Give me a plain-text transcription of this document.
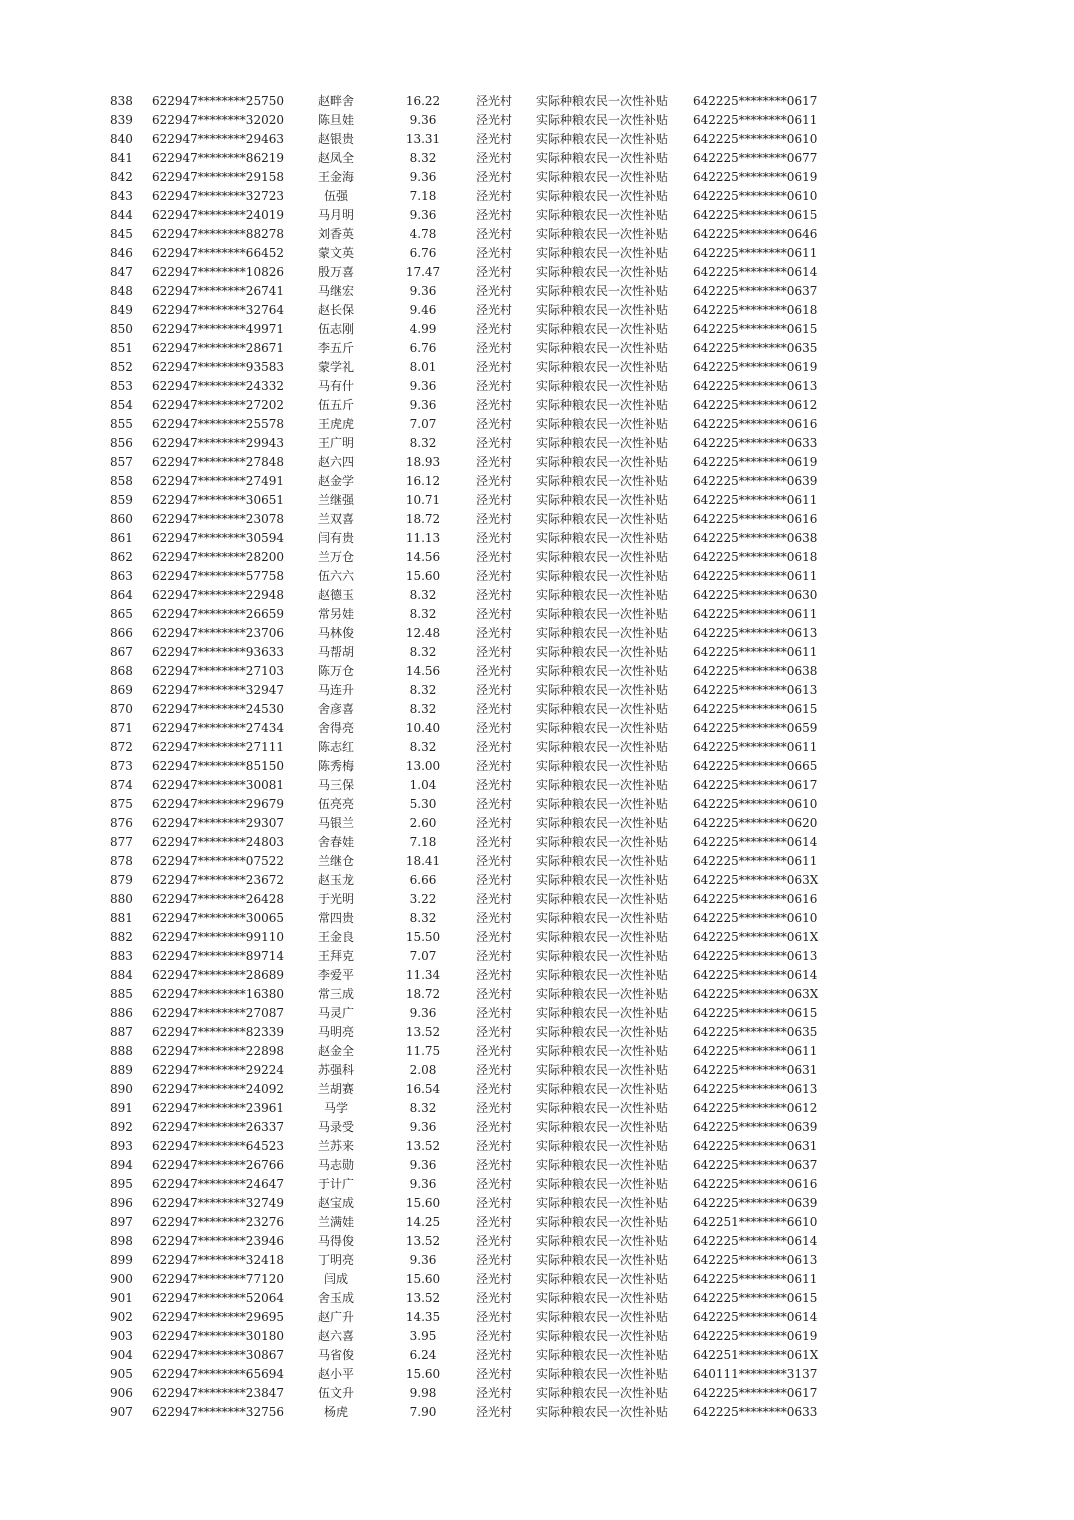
838	622947********25750	赵畔舍	16.22	泾光村	实际种粮农民一次性补贴	642225********0617
839	622947********32020	陈旦娃	9.36	泾光村	实际种粮农民一次性补贴	642225********0611
840	622947********29463	赵银贵	13.31	泾光村	实际种粮农民一次性补贴	642225********0610
841	622947********86219	赵凤全	8.32	泾光村	实际种粮农民一次性补贴	642225********0677
842	622947********29158	王金海	9.36	泾光村	实际种粮农民一次性补贴	642225********0619
843	622947********32723	伍强	7.18	泾光村	实际种粮农民一次性补贴	642225********0610
844	622947********24019	马月明	9.36	泾光村	实际种粮农民一次性补贴	642225********0615
845	622947********88278	刘香英	4.78	泾光村	实际种粮农民一次性补贴	642225********0646
846	622947********66452	蒙文英	6.76	泾光村	实际种粮农民一次性补贴	642225********0611
847	622947********10826	殷万喜	17.47	泾光村	实际种粮农民一次性补贴	642225********0614
848	622947********26741	马继宏	9.36	泾光村	实际种粮农民一次性补贴	642225********0637
849	622947********32764	赵长保	9.46	泾光村	实际种粮农民一次性补贴	642225********0618
850	622947********49971	伍志刚	4.99	泾光村	实际种粮农民一次性补贴	642225********0615
851	622947********28671	李五斤	6.76	泾光村	实际种粮农民一次性补贴	642225********0635
852	622947********93583	蒙学礼	8.01	泾光村	实际种粮农民一次性补贴	642225********0619
853	622947********24332	马有什	9.36	泾光村	实际种粮农民一次性补贴	642225********0613
854	622947********27202	伍五斤	9.36	泾光村	实际种粮农民一次性补贴	642225********0612
855	622947********25578	王虎虎	7.07	泾光村	实际种粮农民一次性补贴	642225********0616
856	622947********29943	王广明	8.32	泾光村	实际种粮农民一次性补贴	642225********0633
857	622947********27848	赵六四	18.93	泾光村	实际种粮农民一次性补贴	642225********0619
858	622947********27491	赵金学	16.12	泾光村	实际种粮农民一次性补贴	642225********0639
859	622947********30651	兰继强	10.71	泾光村	实际种粮农民一次性补贴	642225********0611
860	622947********23078	兰双喜	18.72	泾光村	实际种粮农民一次性补贴	642225********0616
861	622947********30594	闫有贵	11.13	泾光村	实际种粮农民一次性补贴	642225********0638
862	622947********28200	兰万仓	14.56	泾光村	实际种粮农民一次性补贴	642225********0618
863	622947********57758	伍六六	15.60	泾光村	实际种粮农民一次性补贴	642225********0611
864	622947********22948	赵德玉	8.32	泾光村	实际种粮农民一次性补贴	642225********0630
865	622947********26659	常另娃	8.32	泾光村	实际种粮农民一次性补贴	642225********0611
866	622947********23706	马林俊	12.48	泾光村	实际种粮农民一次性补贴	642225********0613
867	622947********93633	马帮胡	8.32	泾光村	实际种粮农民一次性补贴	642225********0611
868	622947********27103	陈万仓	14.56	泾光村	实际种粮农民一次性补贴	642225********0638
869	622947********32947	马连升	8.32	泾光村	实际种粮农民一次性补贴	642225********0613
870	622947********24530	舍彦喜	8.32	泾光村	实际种粮农民一次性补贴	642225********0615
871	622947********27434	舍得亮	10.40	泾光村	实际种粮农民一次性补贴	642225********0659
872	622947********27111	陈志红	8.32	泾光村	实际种粮农民一次性补贴	642225********0611
873	622947********85150	陈秀梅	13.00	泾光村	实际种粮农民一次性补贴	642225********0665
874	622947********30081	马三保	1.04	泾光村	实际种粮农民一次性补贴	642225********0617
875	622947********29679	伍亮亮	5.30	泾光村	实际种粮农民一次性补贴	642225********0610
876	622947********29307	马银兰	2.60	泾光村	实际种粮农民一次性补贴	642225********0620
877	622947********24803	舍春娃	7.18	泾光村	实际种粮农民一次性补贴	642225********0614
878	622947********07522	兰继仓	18.41	泾光村	实际种粮农民一次性补贴	642225********0611
879	622947********23672	赵玉龙	6.66	泾光村	实际种粮农民一次性补贴	642225********063X
880	622947********26428	于光明	3.22	泾光村	实际种粮农民一次性补贴	642225********0616
881	622947********30065	常四贵	8.32	泾光村	实际种粮农民一次性补贴	642225********0610
882	622947********99110	王金良	15.50	泾光村	实际种粮农民一次性补贴	642225********061X
883	622947********89714	王拜克	7.07	泾光村	实际种粮农民一次性补贴	642225********0613
884	622947********28689	李爱平	11.34	泾光村	实际种粮农民一次性补贴	642225********0614
885	622947********16380	常三成	18.72	泾光村	实际种粮农民一次性补贴	642225********063X
886	622947********27087	马灵广	9.36	泾光村	实际种粮农民一次性补贴	642225********0615
887	622947********82339	马明亮	13.52	泾光村	实际种粮农民一次性补贴	642225********0635
888	622947********22898	赵金全	11.75	泾光村	实际种粮农民一次性补贴	642225********0611
889	622947********29224	苏强科	2.08	泾光村	实际种粮农民一次性补贴	642225********0631
890	622947********24092	兰胡赛	16.54	泾光村	实际种粮农民一次性补贴	642225********0613
891	622947********23961	马学	8.32	泾光村	实际种粮农民一次性补贴	642225********0612
892	622947********26337	马录受	9.36	泾光村	实际种粮农民一次性补贴	642225********0639
893	622947********64523	兰苏来	13.52	泾光村	实际种粮农民一次性补贴	642225********0631
894	622947********26766	马志勋	9.36	泾光村	实际种粮农民一次性补贴	642225********0637
895	622947********24647	于计广	9.36	泾光村	实际种粮农民一次性补贴	642225********0616
896	622947********32749	赵宝成	15.60	泾光村	实际种粮农民一次性补贴	642225********0639
897	622947********23276	兰满娃	14.25	泾光村	实际种粮农民一次性补贴	642251********6610
898	622947********23946	马得俊	13.52	泾光村	实际种粮农民一次性补贴	642225********0614
899	622947********32418	丁明亮	9.36	泾光村	实际种粮农民一次性补贴	642225********0613
900	622947********77120	闫成	15.60	泾光村	实际种粮农民一次性补贴	642225********0611
901	622947********52064	舍玉成	13.52	泾光村	实际种粮农民一次性补贴	642225********0615
902	622947********29695	赵广升	14.35	泾光村	实际种粮农民一次性补贴	642225********0614
903	622947********30180	赵六喜	3.95	泾光村	实际种粮农民一次性补贴	642225********0619
904	622947********30867	马省俊	6.24	泾光村	实际种粮农民一次性补贴	642251********061X
905	622947********65694	赵小平	15.60	泾光村	实际种粮农民一次性补贴	640111********3137
906	622947********23847	伍文升	9.98	泾光村	实际种粮农民一次性补贴	642225********0617
907	622947********32756	杨虎	7.90	泾光村	实际种粮农民一次性补贴	642225********0633
